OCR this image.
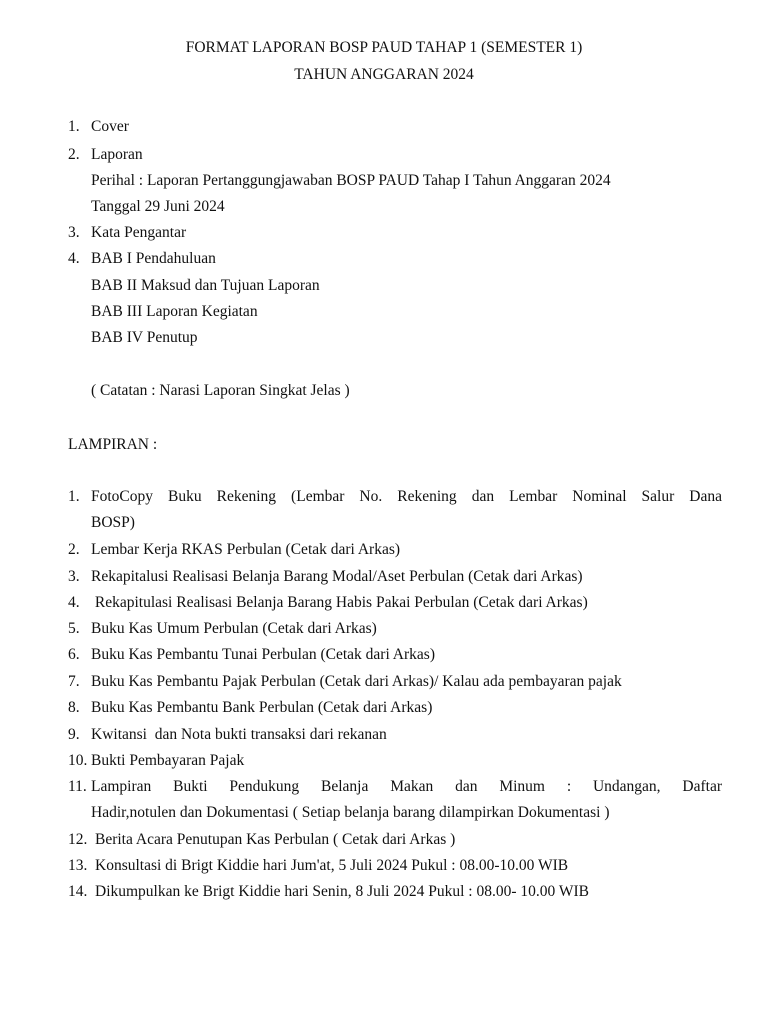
FORMAT LAPORAN BOSP PAUD TAHAP 1 (SEMESTER 1)
TAHUN ANGGARAN 2024
1. Cover
2. Laporan
Perihal : Laporan Pertanggungjawaban BOSP PAUD Tahap I Tahun Anggaran 2024
Tanggal 29 Juni 2024
3. Kata Pengantar
4. BAB I Pendahuluan
BAB II Maksud dan Tujuan Laporan
BAB III Laporan Kegiatan
BAB IV Penutup
( Catatan : Narasi Laporan Singkat Jelas )
LAMPIRAN :
1. FotoCopy Buku Rekening (Lembar No. Rekening dan Lembar Nominal Salur Dana
BOSP)
2. Lembar Kerja RKAS Perbulan (Cetak dari Arkas)
3. Rekapitalusi Realisasi Belanja Barang Modal/Aset Perbulan (Cetak dari Arkas)
4. Rekapitulasi Realisasi Belanja Barang Habis Pakai Perbulan (Cetak dari Arkas)
5. Buku Kas Umum Perbulan (Cetak dari Arkas)
6. Buku Kas Pembantu Tunai Perbulan (Cetak dari Arkas)
7. Buku Kas Pembantu Pajak Perbulan (Cetak dari Arkas)/ Kalau ada pembayaran pajak
8. Buku Kas Pembantu Bank Perbulan (Cetak dari Arkas)
9. Kwitansi  dan Nota bukti transaksi dari rekanan
10. Bukti Pembayaran Pajak
11. Lampiran Bukti Pendukung Belanja Makan dan Minum : Undangan, Daftar
Hadir,notulen dan Dokumentasi ( Setiap belanja barang dilampirkan Dokumentasi )
12. Berita Acara Penutupan Kas Perbulan ( Cetak dari Arkas )
13. Konsultasi di Brigt Kiddie hari Jum'at, 5 Juli 2024 Pukul : 08.00-10.00 WIB
14. Dikumpulkan ke Brigt Kiddie hari Senin, 8 Juli 2024 Pukul : 08.00- 10.00 WIB
